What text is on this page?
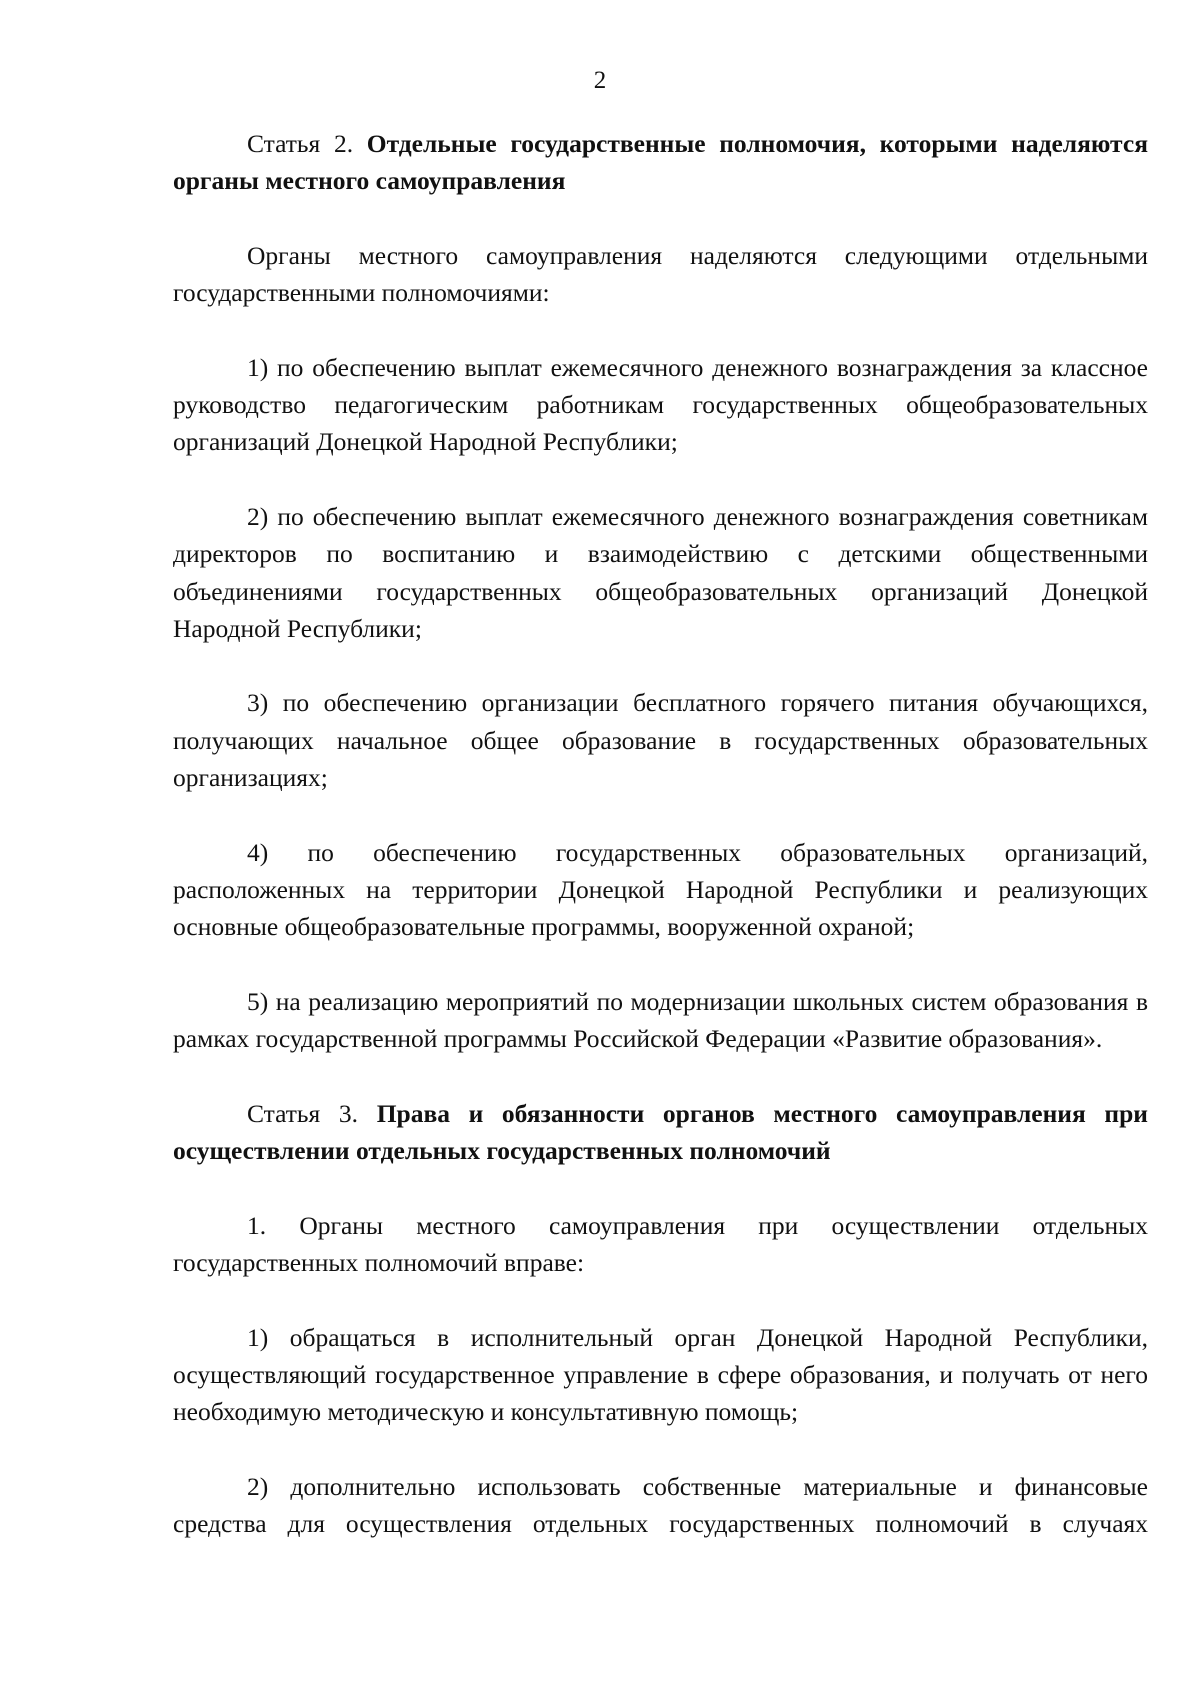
2

Статья 2. Отдельные государственные полномочия, которыми наделяются органы местного самоуправления

Органы местного самоуправления наделяются следующими отдельными государственными полномочиями:

1) по обеспечению выплат ежемесячного денежного вознаграждения за классное руководство педагогическим работникам государственных общеобразовательных организаций Донецкой Народной Республики;

2) по обеспечению выплат ежемесячного денежного вознаграждения советникам директоров по воспитанию и взаимодействию с детскими общественными объединениями государственных общеобразовательных организаций Донецкой Народной Республики;

3) по обеспечению организации бесплатного горячего питания обучающихся, получающих начальное общее образование в государственных образовательных организациях;

4) по обеспечению государственных образовательных организаций, расположенных на территории Донецкой Народной Республики и реализующих основные общеобразовательные программы, вооруженной охраной;

5) на реализацию мероприятий по модернизации школьных систем образования в рамках государственной программы Российской Федерации «Развитие образования».

Статья 3. Права и обязанности органов местного самоуправления при осуществлении отдельных государственных полномочий

1. Органы местного самоуправления при осуществлении отдельных государственных полномочий вправе:

1) обращаться в исполнительный орган Донецкой Народной Республики, осуществляющий государственное управление в сфере образования, и получать от него необходимую методическую и консультативную помощь;

2) дополнительно использовать собственные материальные и финансовые средства для осуществления отдельных государственных полномочий в случаях
